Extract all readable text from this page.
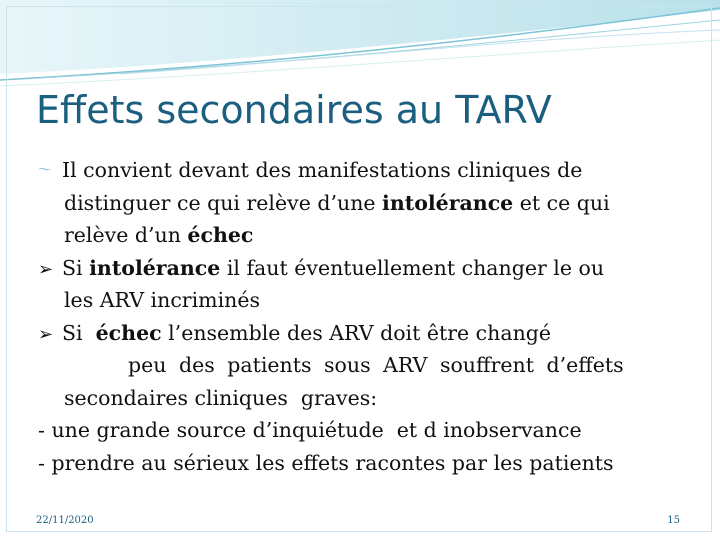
Effets secondaires au TARV
〜 Il convient devant des manifestations cliniques de
distinguer ce qui relève d’une intolérance et ce qui
relève d’un échec
➢ Si intolérance il faut éventuellement changer le ou
les ARV incriminés
➢ Si  échec l’ensemble des ARV doit être changé
peu des patients sous ARV souffrent d’effets
secondaires cliniques  graves:
- une grande source d’inquiétude  et d inobservance
- prendre au sérieux les effets racontes par les patients
22/11/2020	15
